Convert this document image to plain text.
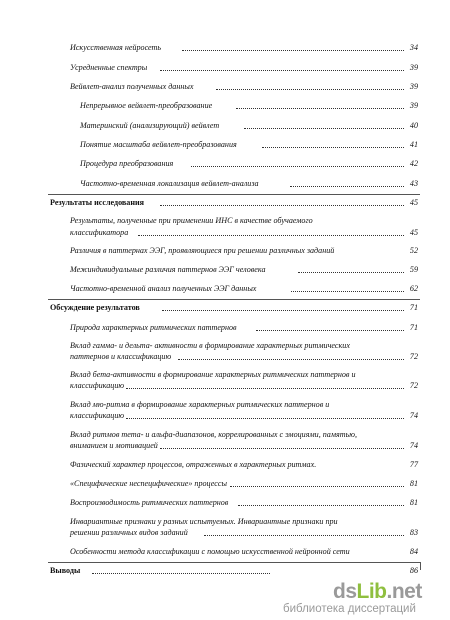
Искусственная нейросеть	34
Усредненные спектры	39
Вейвлет-анализ полученных данных	39
Непрерывное вейвлет-преобразование	39
Материнский (анализирующий) вейвлет	40
Понятие масштаба вейвлет-преобразования	41
Процедура преобразования	42
Частотно-временная локализация вейвлет-анализа	43
Результаты исследования	45
Результаты, полученные при применении ИНС в качестве обучаемого
классификатора	45
Различия в паттернах ЭЭГ, проявляющиеся при решении различных заданий	52
Межиндивидуальные различия паттернов ЭЭГ человека	59
Частотно-временной анализ полученных ЭЭГ данных	62
Обсуждение результатов	71
Природа характерных ритмических паттернов	71
Вклад гамма- и дельта- активности в формирование характерных ритмических
паттернов и классификацию	72
Вклад бета-активности в формирование характерных ритмических паттернов и
классификацию	72
Вклад мю-ритма в формирование характерных ритмических паттернов и
классификацию	74
Вклад ритмов тета- и альфа-диапазонов, коррелированных с эмоциями, памятью,
вниманием и мотивацией	74
Фазический характер процессов, отраженных в характерных ритмах.	77
«Специфические неспецифические» процессы	81
Воспроизводимость ритмических паттернов	81
Инвариантные признаки у разных испытуемых. Инвариантные признаки при
решении различных видов заданий	83
Особенности метода классификации с помощью искусственной нейронной сети	84
Выводы	86
dsLib.net
библиотека диссертаций
